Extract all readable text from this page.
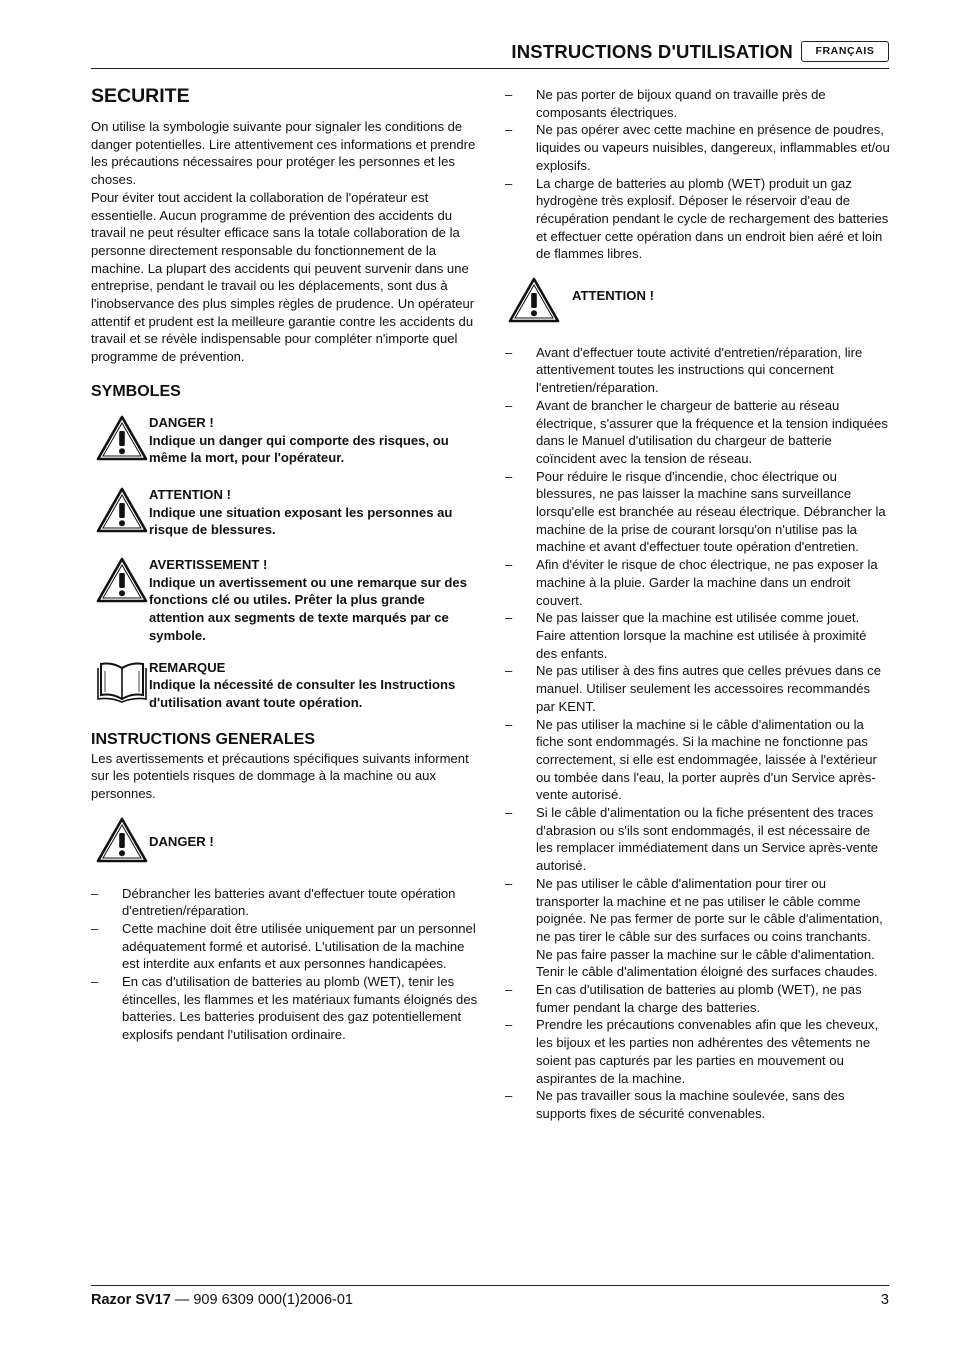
INSTRUCTIONS D'UTILISATION	FRANÇAIS
SECURITE

On utilise la symbologie suivante pour signaler les conditions de danger potentielles. Lire attentivement ces informations et prendre les précautions nécessaires pour protéger les personnes et les choses.

Pour éviter tout accident la collaboration de l'opérateur est essentielle. Aucun programme de prévention des accidents du travail ne peut résulter efficace sans la totale collaboration de la personne directement responsable du fonctionnement de la machine. La plupart des accidents qui peuvent survenir dans une entreprise, pendant le travail ou les déplacements, sont dus à l'inobservance des plus simples règles de prudence. Un opérateur attentif et prudent est la meilleure garantie contre les accidents du travail et se révèle indispensable pour compléter n'importe quel programme de prévention.

SYMBOLES
DANGER !
Indique un danger qui comporte des risques, ou même la mort, pour l'opérateur.
ATTENTION !
Indique une situation exposant les personnes au risque de blessures.
AVERTISSEMENT !
Indique un avertissement ou une remarque sur des fonctions clé ou utiles. Prêter la plus grande attention aux segments de texte marqués par ce symbole.
REMARQUE
Indique la nécessité de consulter les Instructions d'utilisation avant toute opération.
INSTRUCTIONS GENERALES

Les avertissements et précautions spécifiques suivants informent sur les potentiels risques de dommage à la machine ou aux personnes.

DANGER !
– Débrancher les batteries avant d'effectuer toute opération d'entretien/réparation.
– Cette machine doit être utilisée uniquement par un personnel adéquatement formé et autorisé. L'utilisation de la machine est interdite aux enfants et aux personnes handicapées.
– En cas d'utilisation de batteries au plomb (WET), tenir les étincelles, les flammes et les matériaux fumants éloignés des batteries. Les batteries produisent des gaz potentiellement explosifs pendant l'utilisation ordinaire.
– Ne pas porter de bijoux quand on travaille près de composants électriques.
– Ne pas opérer avec cette machine en présence de poudres, liquides ou vapeurs nuisibles, dangereux, inflammables et/ou explosifs.
– La charge de batteries au plomb (WET) produit un gaz hydrogène très explosif. Déposer le réservoir d'eau de récupération pendant le cycle de rechargement des batteries et effectuer cette opération dans un endroit bien aéré et loin de flammes libres.
ATTENTION !
– Avant d'effectuer toute activité d'entretien/réparation, lire attentivement toutes les instructions qui concernent l'entretien/réparation.
– Avant de brancher le chargeur de batterie au réseau électrique, s'assurer que la fréquence et la tension indiquées dans le Manuel d'utilisation du chargeur de batterie coïncident avec la tension de réseau.
– Pour réduire le risque d'incendie, choc électrique ou blessures, ne pas laisser la machine sans surveillance lorsqu'elle est branchée au réseau électrique. Débrancher la machine de la prise de courant lorsqu'on n'utilise pas la machine et avant d'effectuer toute opération d'entretien.
– Afin d'éviter le risque de choc électrique, ne pas exposer la machine à la pluie. Garder la machine dans un endroit couvert.
– Ne pas laisser que la machine est utilisée comme jouet. Faire attention lorsque la machine est utilisée à proximité des enfants.
– Ne pas utiliser à des fins autres que celles prévues dans ce manuel. Utiliser seulement les accessoires recommandés par KENT.
– Ne pas utiliser la machine si le câble d'alimentation ou la fiche sont endommagés. Si la machine ne fonctionne pas correctement, si elle est endommagée, laissée à l'extérieur ou tombée dans l'eau, la porter auprès d'un Service après-vente autorisé.
– Si le câble d'alimentation ou la fiche présentent des traces d'abrasion ou s'ils sont endommagés, il est nécessaire de les remplacer immédiatement dans un Service après-vente autorisé.
– Ne pas utiliser le câble d'alimentation pour tirer ou transporter la machine et ne pas utiliser le câble comme poignée. Ne pas fermer de porte sur le câble d'alimentation, ne pas tirer le câble sur des surfaces ou coins tranchants. Ne pas faire passer la machine sur le câble d'alimentation. Tenir le câble d'alimentation éloigné des surfaces chaudes.
– En cas d'utilisation de batteries au plomb (WET), ne pas fumer pendant la charge des batteries.
– Prendre les précautions convenables afin que les cheveux, les bijoux et les parties non adhérentes des vêtements ne soient pas capturés par les parties en mouvement ou aspirantes de la machine.
– Ne pas travailler sous la machine soulevée, sans des supports fixes de sécurité convenables.
Razor SV17 — 909 6309 000(1)2006-01	3
